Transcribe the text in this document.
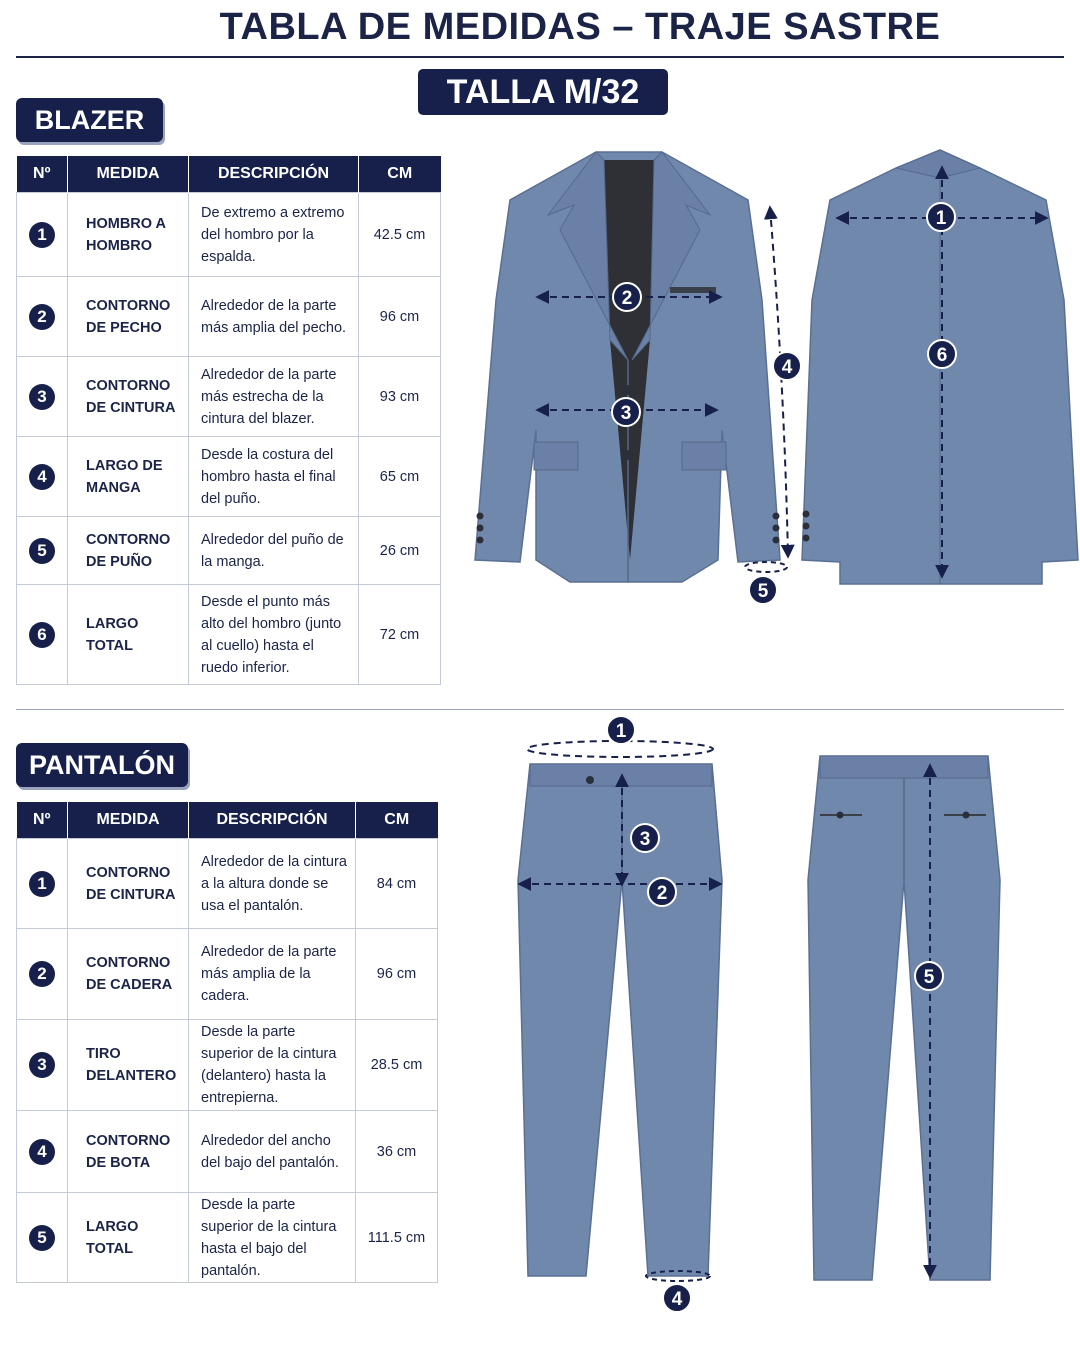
TABLA DE MEDIDAS – TRAJE SASTRE
TALLA M/32
BLAZER
Nº	MEDIDA	DESCRIPCIÓN	CM
1	HOMBRO A HOMBRO	De extremo a extremo del hombro por la espalda.	42.5 cm
2	CONTORNO DE PECHO	Alrededor de la parte más amplia del pecho.	96 cm
3	CONTORNO DE CINTURA	Alrededor de la parte más estrecha de la cintura del blazer.	93 cm
4	LARGO DE MANGA	Desde la costura del hombro hasta el final del puño.	65 cm
5	CONTORNO DE PUÑO	Alrededor del puño de la manga.	26 cm
6	LARGO TOTAL	Desde el punto más alto del hombro (junto al cuello) hasta el ruedo inferior.	72 cm
PANTALÓN
Nº	MEDIDA	DESCRIPCIÓN	CM
1	CONTORNO DE CINTURA	Alrededor de la cintura a la altura donde se usa el pantalón.	84 cm
2	CONTORNO DE CADERA	Alrededor de la parte más amplia de la cadera.	96 cm
3	TIRO DELANTERO	Desde la parte superior de la cintura (delantero) hasta la entrepierna.	28.5 cm
4	CONTORNO DE BOTA	Alrededor del ancho del bajo del pantalón.	36 cm
5	LARGO TOTAL	Desde la parte superior de la cintura hasta el bajo del pantalón.	111.5 cm
2
3
4
5
1
6
1
2
3
4
5
